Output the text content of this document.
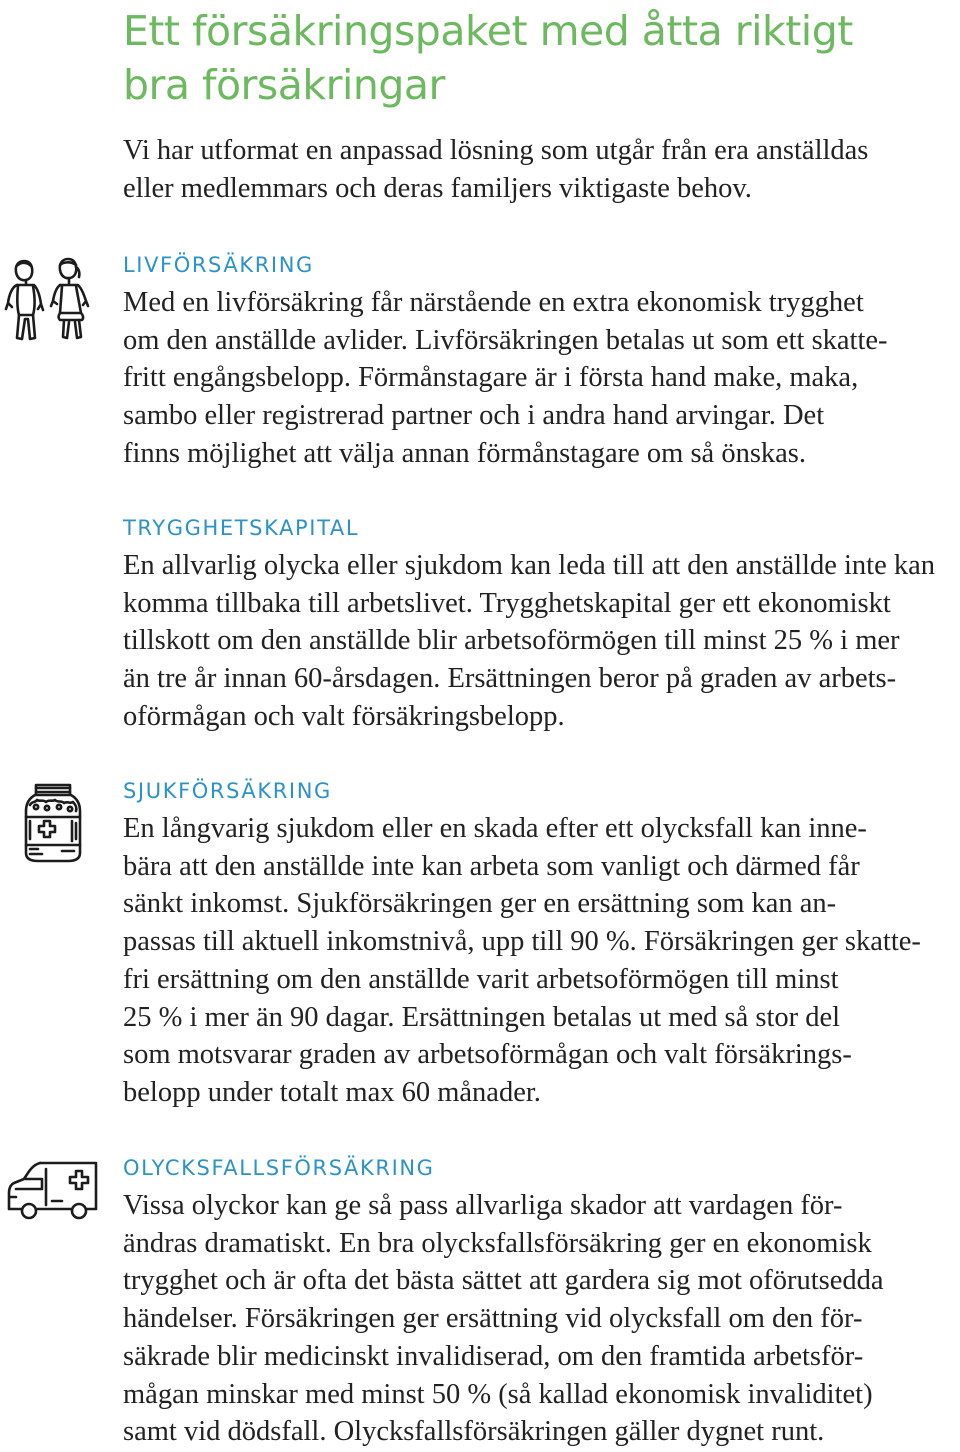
Ett försäkringspaket med åtta riktigt
bra försäkringar

Vi har utformat en anpassad lösning som utgår från era anställdas
eller medlemmars och deras familjers viktigaste behov.

LIVFÖRSÄKRING

Med en livförsäkring får närstående en extra ekonomisk trygghet
om den anställde avlider. Livförsäkringen betalas ut som ett skatte-
fritt engångsbelopp. Förmånstagare är i första hand make, maka,
sambo eller registrerad partner och i andra hand arvingar. Det
finns möjlighet att välja annan förmånstagare om så önskas.

TRYGGHETSKAPITAL

En allvarlig olycka eller sjukdom kan leda till att den anställde inte kan
komma tillbaka till arbetslivet. Trygghetskapital ger ett ekonomiskt
tillskott om den anställde blir arbetsoförmögen till minst 25 % i mer
än tre år innan 60-årsdagen. Ersättningen beror på graden av arbets-
oförmågan och valt försäkringsbelopp.

SJUKFÖRSÄKRING

En långvarig sjukdom eller en skada efter ett olycksfall kan inne-
bära att den anställde inte kan arbeta som vanligt och därmed får
sänkt inkomst. Sjukförsäkringen ger en ersättning som kan an-
passas till aktuell inkomstnivå, upp till 90 %. Försäkringen ger skatte-
fri ersättning om den anställde varit arbetsoförmögen till minst
25 % i mer än 90 dagar. Ersättningen betalas ut med så stor del
som motsvarar graden av arbetsoförmågan och valt försäkrings-
belopp under totalt max 60 månader.

OLYCKSFALLSFÖRSÄKRING

Vissa olyckor kan ge så pass allvarliga skador att vardagen för-
ändras dramatiskt. En bra olycksfallsförsäkring ger en ekonomisk
trygghet och är ofta det bästa sättet att gardera sig mot oförutsedda
händelser. Försäkringen ger ersättning vid olycksfall om den för-
säkrade blir medicinskt invalidiserad, om den framtida arbetsför-
mågan minskar med minst 50 % (så kallad ekonomisk invaliditet)
samt vid dödsfall. Olycksfallsförsäkringen gäller dygnet runt.
